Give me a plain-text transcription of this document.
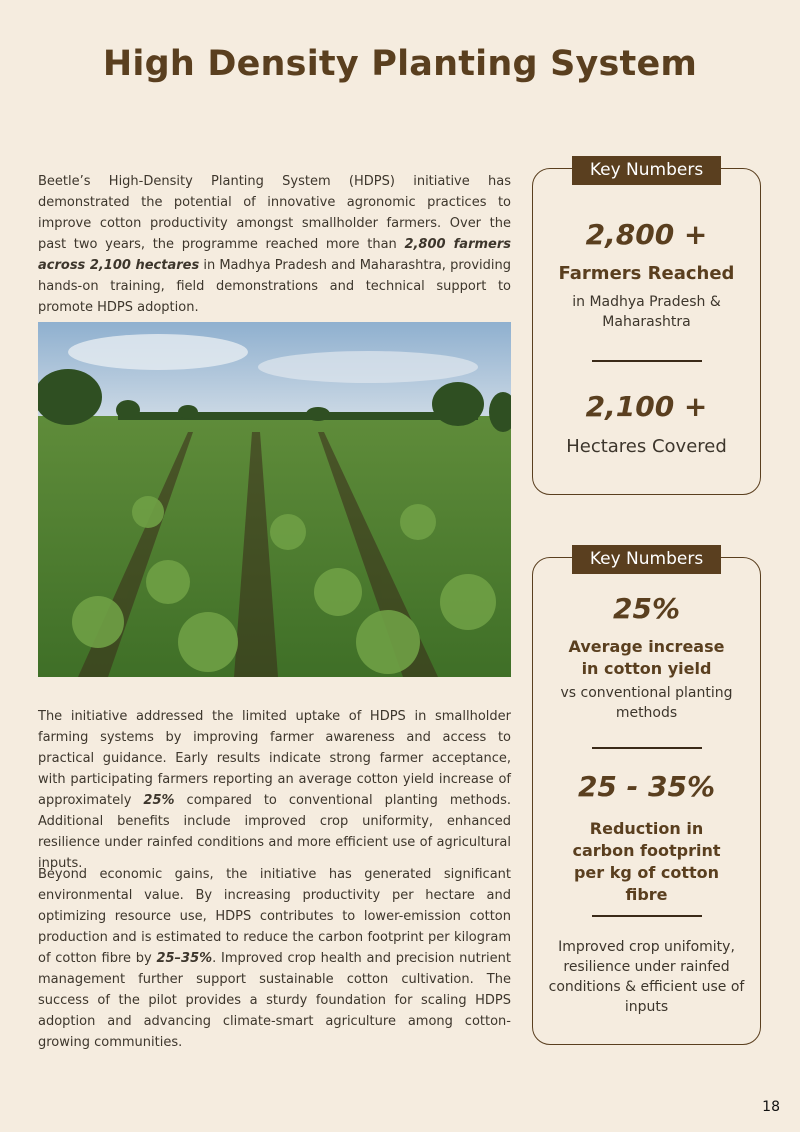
High Density Planting System

Beetle’s High-Density Planting System (HDPS) initiative has demonstrated the potential of innovative agronomic practices to improve cotton productivity amongst smallholder farmers. Over the past two years, the programme reached more than 2,800 farmers across 2,100 hectares in Madhya Pradesh and Maharashtra, providing hands-on training, field demonstrations and technical support to promote HDPS adoption.

The initiative addressed the limited uptake of HDPS in smallholder farming systems by improving farmer awareness and access to practical guidance. Early results indicate strong farmer acceptance, with participating farmers reporting an average cotton yield increase of approximately 25% compared to conventional planting methods. Additional benefits include improved crop uniformity, enhanced resilience under rainfed conditions and more efficient use of agricultural inputs.

Beyond economic gains, the initiative has generated significant environmental value. By increasing productivity per hectare and optimizing resource use, HDPS contributes to lower-emission cotton production and is estimated to reduce the carbon footprint per kilogram of cotton fibre by 25–35%. Improved crop health and precision nutrient management further support sustainable cotton cultivation. The success of the pilot provides a sturdy foundation for scaling HDPS adoption and advancing climate-smart agriculture among cotton-growing communities.

Key Numbers
2,800 +
Farmers Reached
in Madhya Pradesh & Maharashtra
2,100 +
Hectares Covered
Key Numbers
25%
Average increase in cotton yield
vs conventional planting methods
25 - 35%
Reduction in carbon footprint per kg of cotton fibre
Improved crop unifomity, resilience under rainfed conditions & efficient use of inputs
18
